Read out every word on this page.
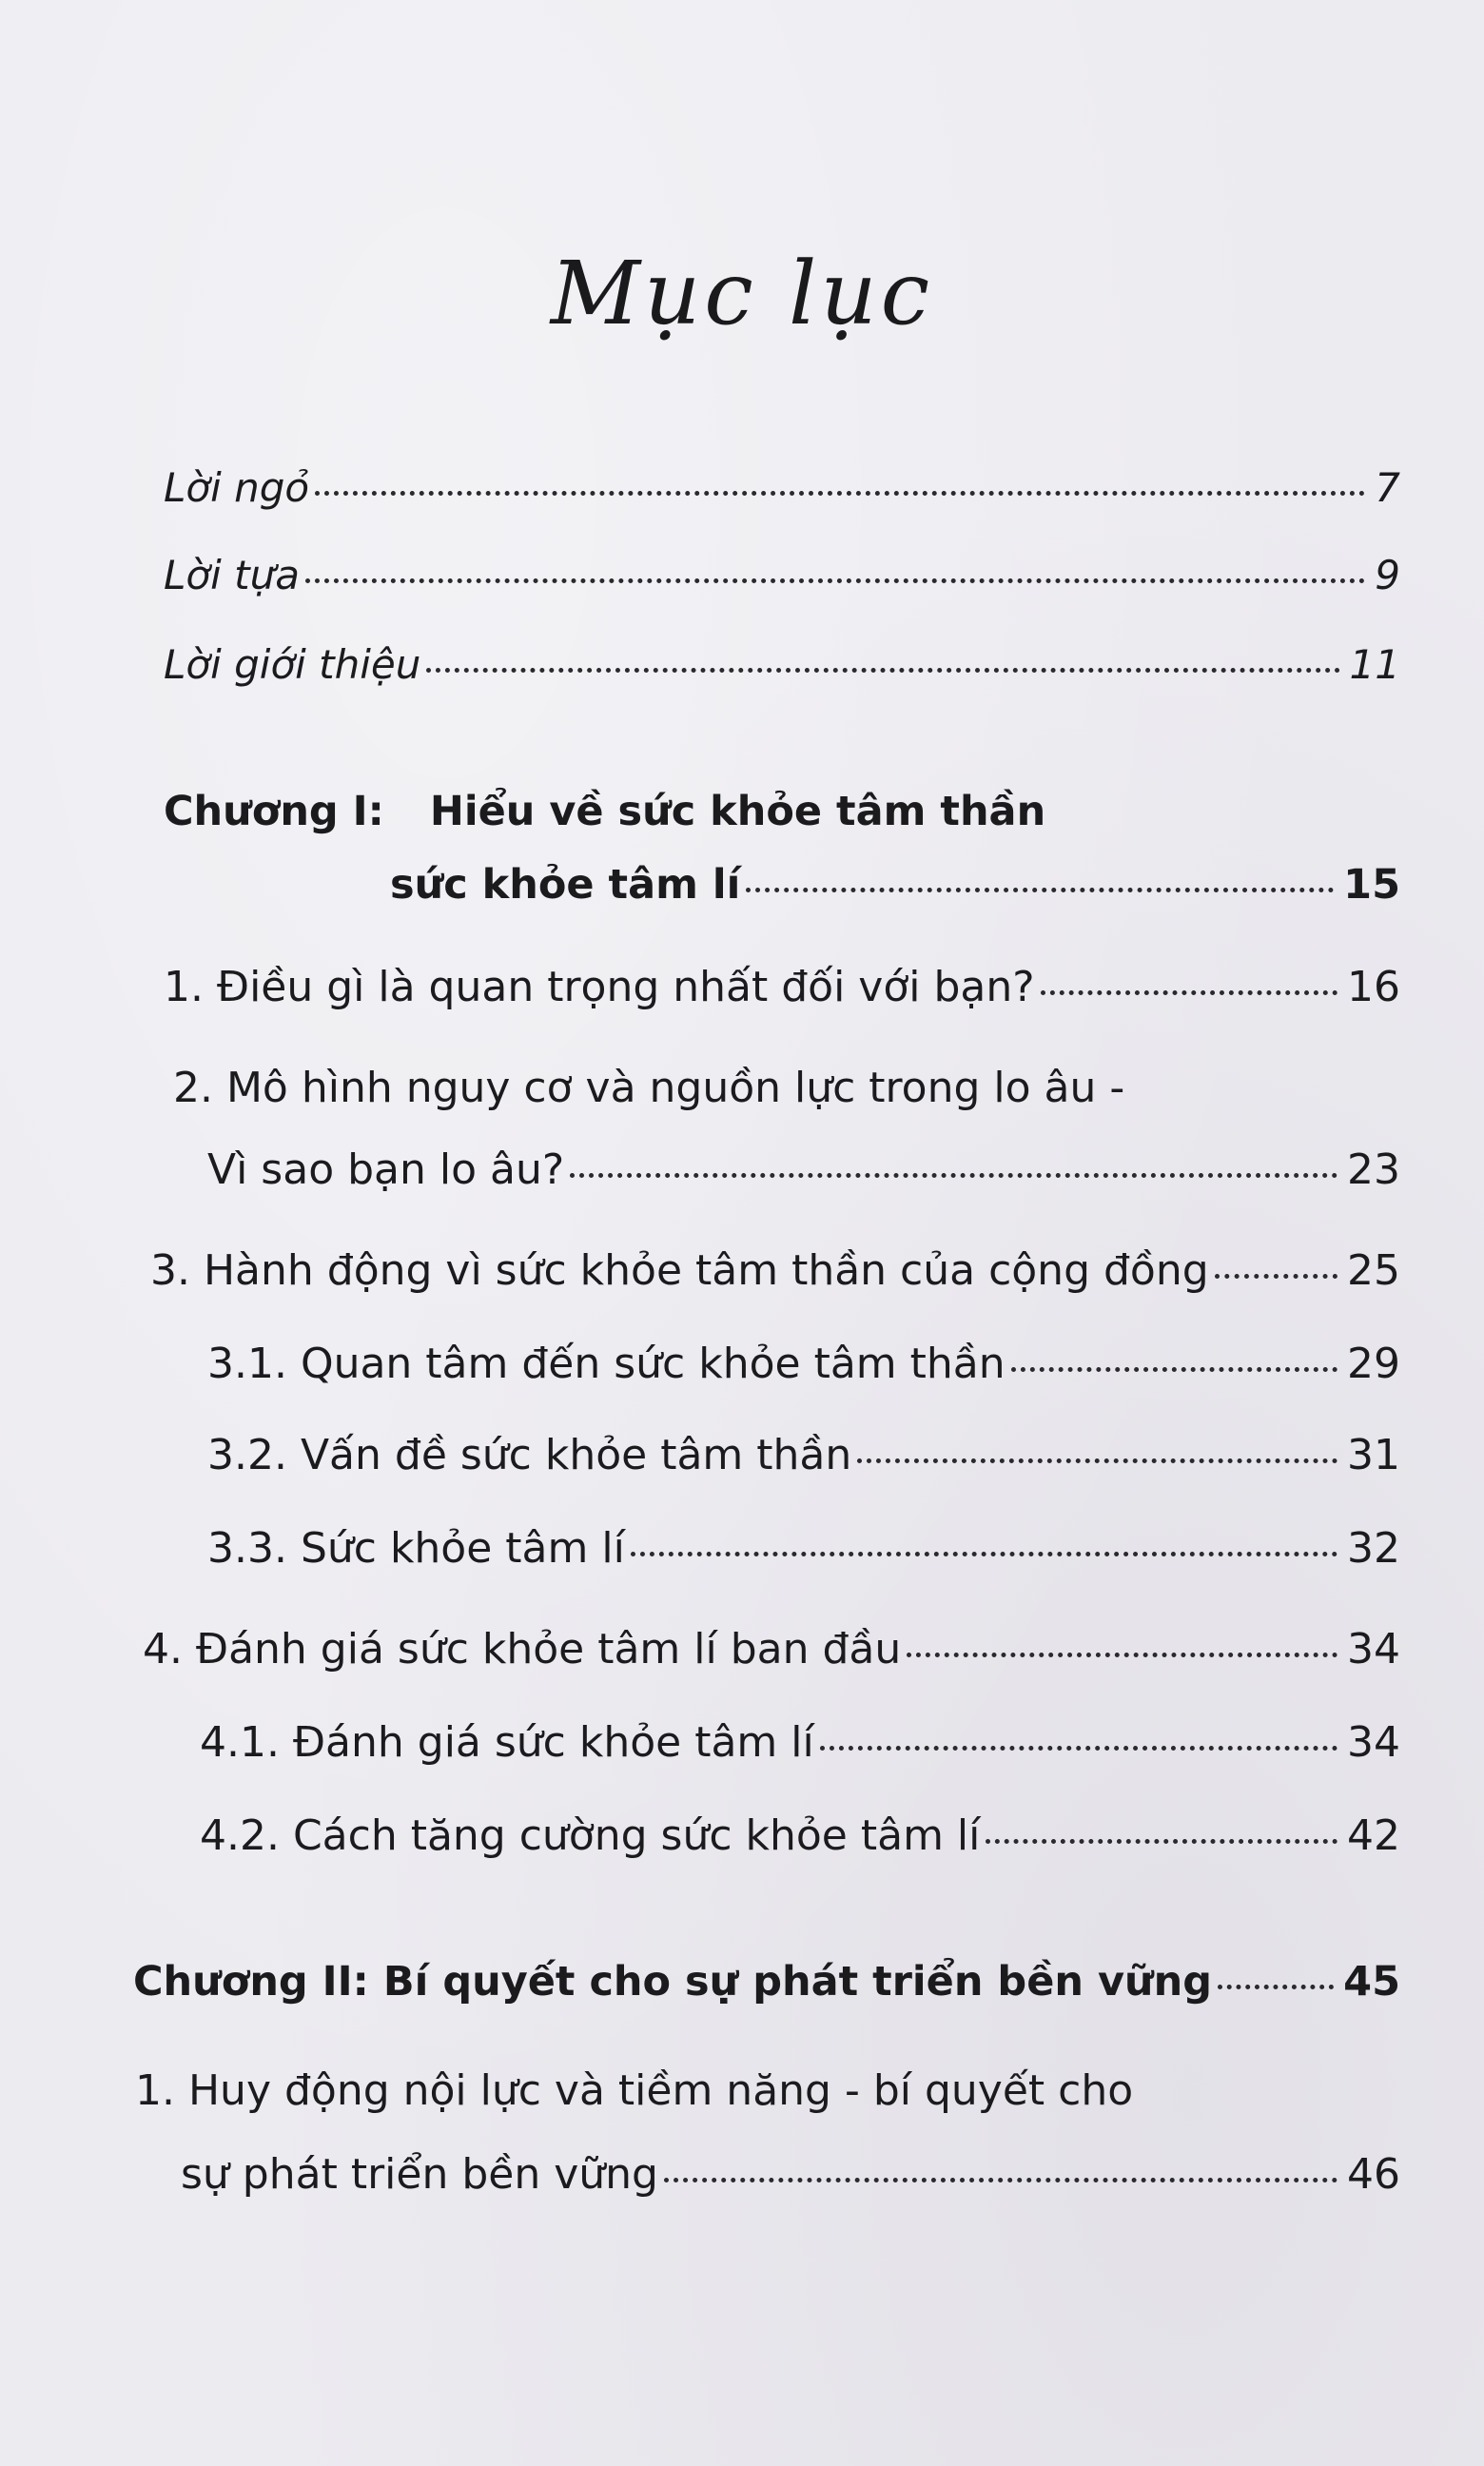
Mục lục
Lời ngỏ	7
Lời tựa	9
Lời giới thiệu	11
Chương I: Hiểu về sức khỏe tâm thần
sức khỏe tâm lí	15
1. Điều gì là quan trọng nhất đối với bạn?	16
2. Mô hình nguy cơ và nguồn lực trong lo âu -
Vì sao bạn lo âu?	23
3. Hành động vì sức khỏe tâm thần của cộng đồng	25
3.1. Quan tâm đến sức khỏe tâm thần	29
3.2. Vấn đề sức khỏe tâm thần	31
3.3. Sức khỏe tâm lí	32
4. Đánh giá sức khỏe tâm lí ban đầu	34
4.1. Đánh giá sức khỏe tâm lí	34
4.2. Cách tăng cường sức khỏe tâm lí	42
Chương II: Bí quyết cho sự phát triển bền vững	45
1. Huy động nội lực và tiềm năng - bí quyết cho
sự phát triển bền vững	46
